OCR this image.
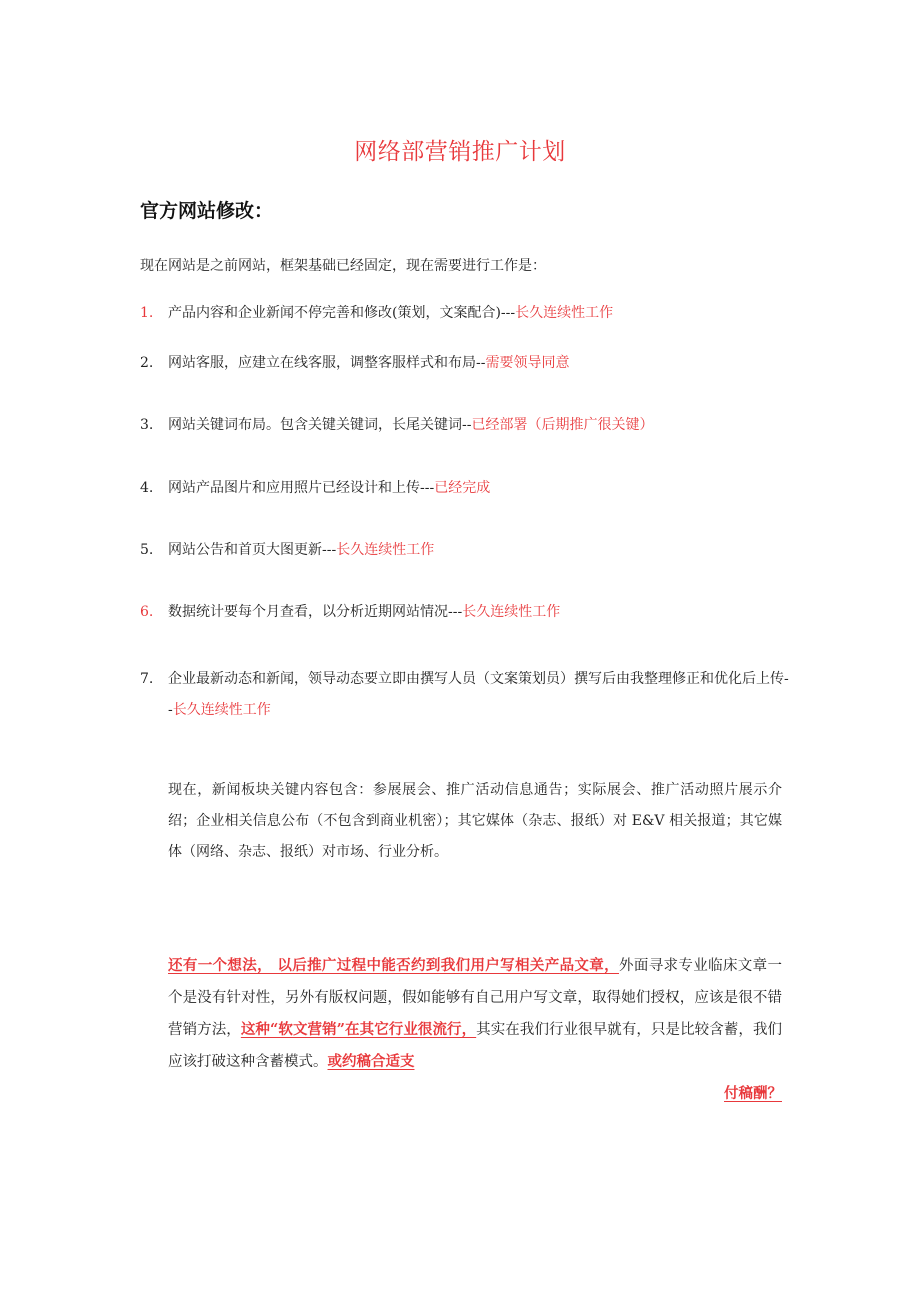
网络部营销推广计划
官方网站修改：
现在网站是之前网站，框架基础已经固定，现在需要进行工作是：
1. 产品内容和企业新闻不停完善和修改(策划，文案配合)---长久连续性工作
2. 网站客服，应建立在线客服，调整客服样式和布局--需要领导同意
3. 网站关键词布局。包含关键关键词，长尾关键词--已经部署（后期推广很关键）
4. 网站产品图片和应用照片已经设计和上传---已经完成
5. 网站公告和首页大图更新---长久连续性工作
6. 数据统计要每个月查看，以分析近期网站情况---长久连续性工作
7. 企业最新动态和新闻，领导动态要立即由撰写人员（文案策划员）撰写后由我整理修正和优化后上传--长久连续性工作
现在，新闻板块关键内容包含：参展展会、推广活动信息通告；实际展会、推广活动照片展示介绍；企业相关信息公布（不包含到商业机密）；其它媒体（杂志、报纸）对 E&V 相关报道；其它媒体（网络、杂志、报纸）对市场、行业分析。
还有一个想法， 以后推广过程中能否约到我们用户写相关产品文章，外面寻求专业临床文章一个是没有针对性，另外有版权问题，假如能够有自己用户写文章，取得她们授权，应该是很不错营销方法，这种“软文营销”在其它行业很流行，其实在我们行业很早就有，只是比较含蓄，我们应该打破这种含蓄模式。或约稿合适支
付稿酬？
